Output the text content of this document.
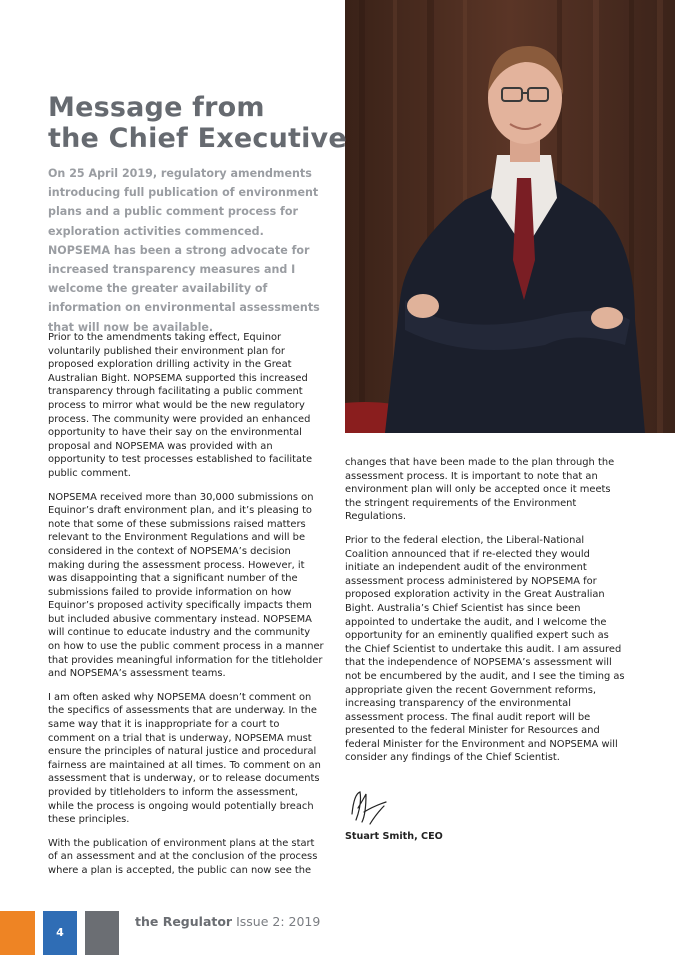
Message from
the Chief Executive

On 25 April 2019, regulatory amendments introducing full publication of environment plans and a public comment process for exploration activities commenced. NOPSEMA has been a strong advocate for increased transparency measures and I welcome the greater availability of information on environmental assessments that will now be available.

Prior to the amendments taking effect, Equinor voluntarily published their environment plan for proposed exploration drilling activity in the Great Australian Bight. NOPSEMA supported this increased transparency through facilitating a public comment process to mirror what would be the new regulatory process. The community were provided an enhanced opportunity to have their say on the environmental proposal and NOPSEMA was provided with an opportunity to test processes established to facilitate public comment.

NOPSEMA received more than 30,000 submissions on Equinor’s draft environment plan, and it’s pleasing to note that some of these submissions raised matters relevant to the Environment Regulations and will be considered in the context of NOPSEMA’s decision making during the assessment process. However, it was disappointing that a significant number of the submissions failed to provide information on how Equinor’s proposed activity specifically impacts them but included abusive commentary instead. NOPSEMA will continue to educate industry and the community on how to use the public comment process in a manner that provides meaningful information for the titleholder and NOPSEMA’s assessment teams.

I am often asked why NOPSEMA doesn’t comment on the specifics of assessments that are underway. In the same way that it is inappropriate for a court to comment on a trial that is underway, NOPSEMA must ensure the principles of natural justice and procedural fairness are maintained at all times. To comment on an assessment that is underway, or to release documents provided by titleholders to inform the assessment, while the process is ongoing would potentially breach these principles.

With the publication of environment plans at the start of an assessment and at the conclusion of the process where a plan is accepted, the public can now see the

changes that have been made to the plan through the assessment process. It is important to note that an environment plan will only be accepted once it meets the stringent requirements of the Environment Regulations.

Prior to the federal election, the Liberal-National Coalition announced that if re-elected they would initiate an independent audit of the environment assessment process administered by NOPSEMA for proposed exploration activity in the Great Australian Bight. Australia’s Chief Scientist has since been appointed to undertake the audit, and I welcome the opportunity for an eminently qualified expert such as the Chief Scientist to undertake this audit. I am assured that the independence of NOPSEMA’s assessment will not be encumbered by the audit, and I see the timing as appropriate given the recent Government reforms, increasing transparency of the environmental assessment process. The final audit report will be presented to the federal Minister for Resources and federal Minister for the Environment and NOPSEMA will consider any findings of the Chief Scientist.

Stuart Smith, CEO
4
the Regulator Issue 2: 2019
